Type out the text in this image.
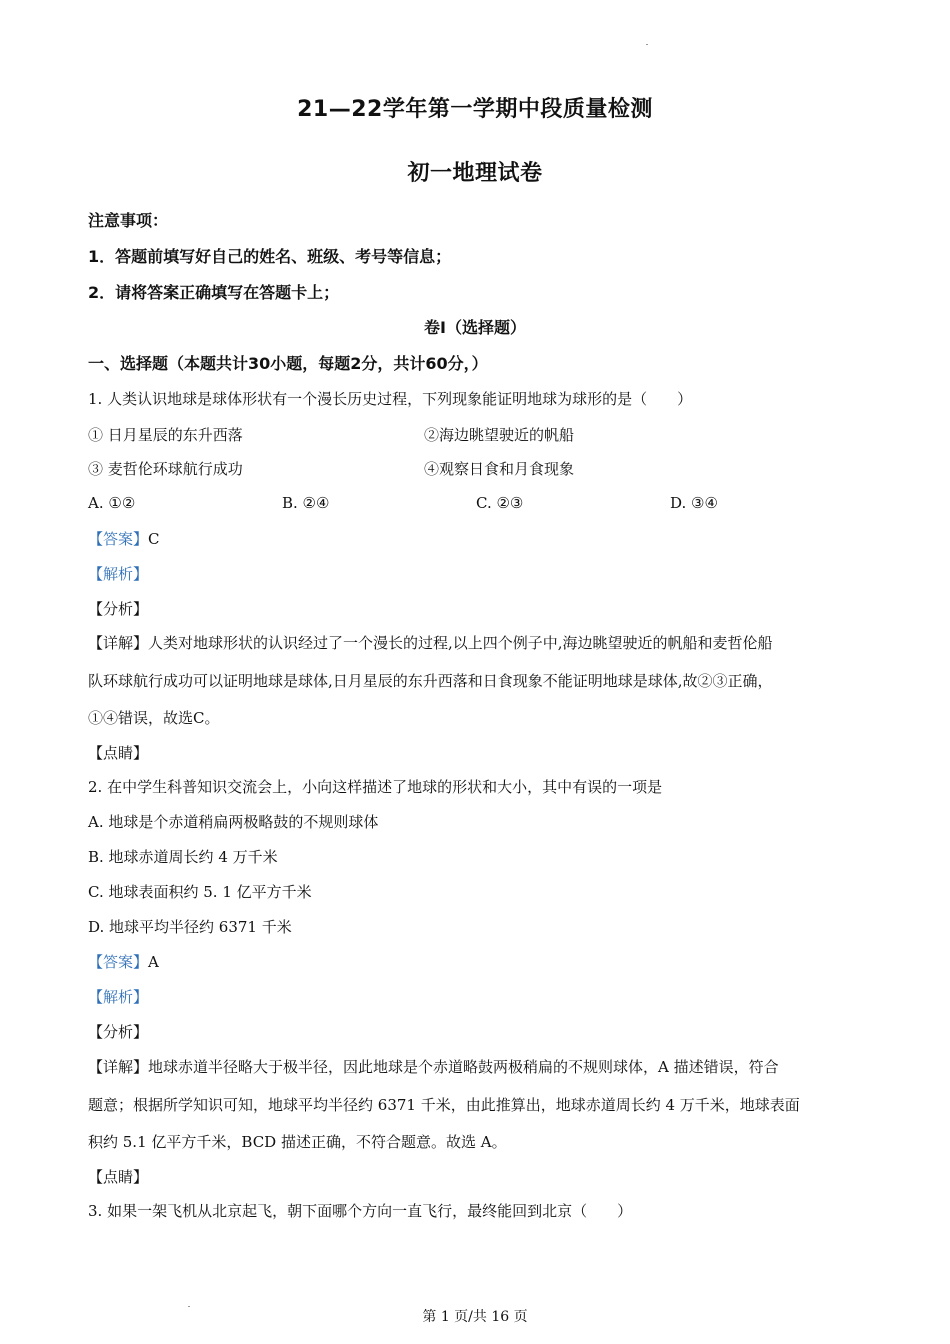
21—22学年第一学期中段质量检测
初一地理试卷
注意事项：
1．答题前填写好自己的姓名、班级、考号等信息；
2．请将答案正确填写在答题卡上；
卷I（选择题）
一、选择题（本题共计30小题，每题2分，共计60分，）
1. 人类认识地球是球体形状有一个漫长历史过程，下列现象能证明地球为球形的是（　　）
① 日月星辰的东升西落	②海边眺望驶近的帆船
③ 麦哲伦环球航行成功	④观察日食和月食现象
A. ①②	B. ②④	C. ②③	D. ③④
【答案】C
【解析】
【分析】
【详解】人类对地球形状的认识经过了一个漫长的过程,以上四个例子中,海边眺望驶近的帆船和麦哲伦船
队环球航行成功可以证明地球是球体,日月星辰的东升西落和日食现象不能证明地球是球体,故②③正确，
①④错误，故选C。
【点睛】
2. 在中学生科普知识交流会上，小向这样描述了地球的形状和大小，其中有误的一项是
A. 地球是个赤道稍扁两极略鼓的不规则球体
B. 地球赤道周长约 4 万千米
C. 地球表面积约 5. 1 亿平方千米
D. 地球平均半径约 6371 千米
【答案】A
【解析】
【分析】
【详解】地球赤道半径略大于极半径，因此地球是个赤道略鼓两极稍扁的不规则球体，A 描述错误，符合
题意；根据所学知识可知，地球平均半径约 6371 千米，由此推算出，地球赤道周长约 4 万千米，地球表面
积约 5.1 亿平方千米，BCD 描述正确，不符合题意。故选 A。
【点睛】
3. 如果一架飞机从北京起飞，朝下面哪个方向一直飞行，最终能回到北京（　　）
第 1 页/共 16 页
